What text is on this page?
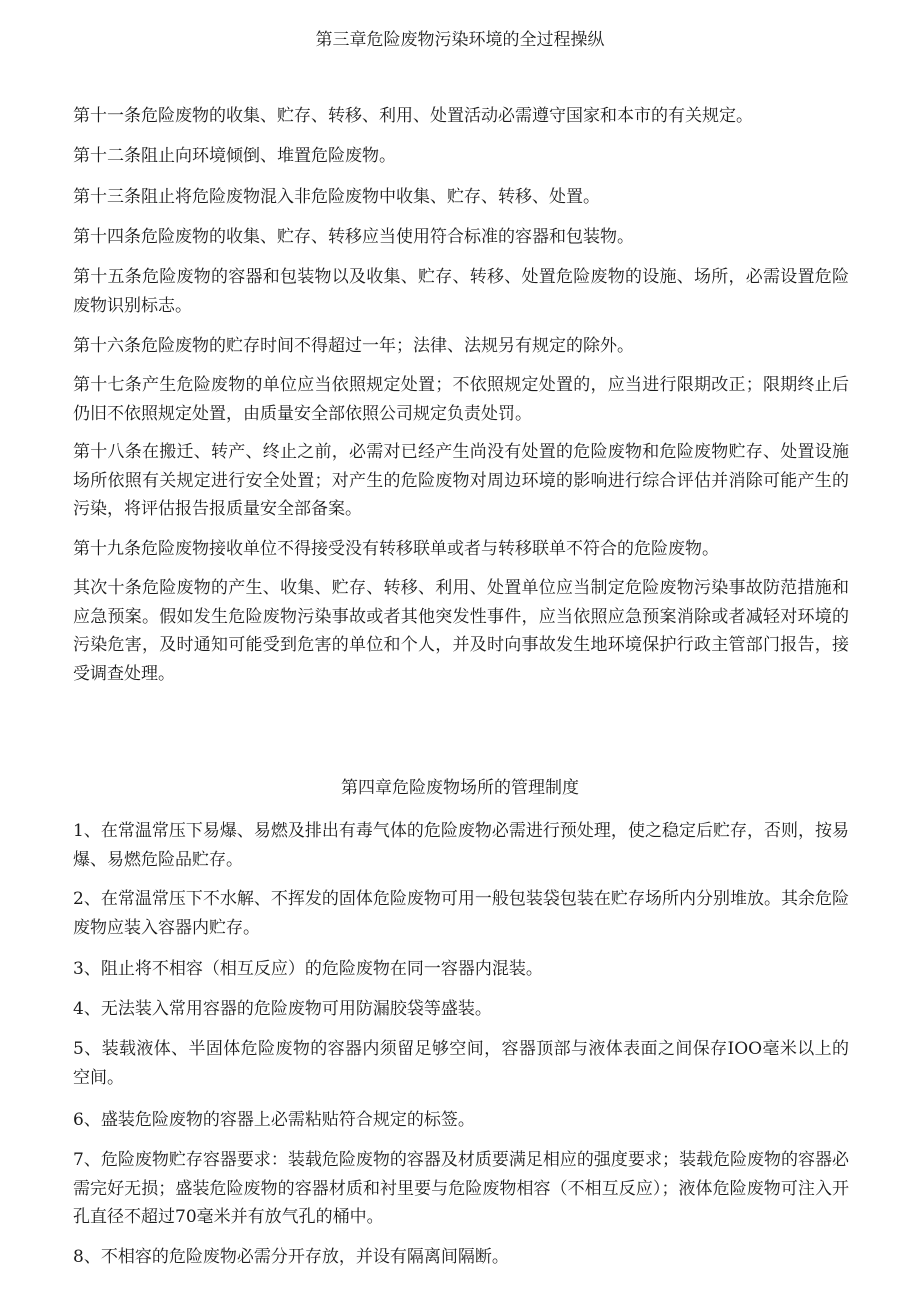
第三章危险废物污染环境的全过程操纵

第十一条危险废物的收集、贮存、转移、利用、处置活动必需遵守国家和本市的有关规定。

第十二条阻止向环境倾倒、堆置危险废物。

第十三条阻止将危险废物混入非危险废物中收集、贮存、转移、处置。

第十四条危险废物的收集、贮存、转移应当使用符合标准的容器和包装物。

第十五条危险废物的容器和包装物以及收集、贮存、转移、处置危险废物的设施、场所，必需设置危险废物识别标志。

第十六条危险废物的贮存时间不得超过一年；法律、法规另有规定的除外。

第十七条产生危险废物的单位应当依照规定处置；不依照规定处置的，应当进行限期改正；限期终止后仍旧不依照规定处置，由质量安全部依照公司规定负责处罚。

第十八条在搬迁、转产、终止之前，必需对已经产生尚没有处置的危险废物和危险废物贮存、处置设施场所依照有关规定进行安全处置；对产生的危险废物对周边环境的影响进行综合评估并消除可能产生的污染，将评估报告报质量安全部备案。

第十九条危险废物接收单位不得接受没有转移联单或者与转移联单不符合的危险废物。

其次十条危险废物的产生、收集、贮存、转移、利用、处置单位应当制定危险废物污染事故防范措施和应急预案。假如发生危险废物污染事故或者其他突发性事件，应当依照应急预案消除或者减轻对环境的污染危害，及时通知可能受到危害的单位和个人，并及时向事故发生地环境保护行政主管部门报告，接受调查处理。

第四章危险废物场所的管理制度

1、在常温常压下易爆、易燃及排出有毒气体的危险废物必需进行预处理，使之稳定后贮存，否则，按易爆、易燃危险品贮存。

2、在常温常压下不水解、不挥发的固体危险废物可用一般包装袋包装在贮存场所内分别堆放。其余危险废物应装入容器内贮存。

3、阻止将不相容（相互反应）的危险废物在同一容器内混装。

4、无法装入常用容器的危险废物可用防漏胶袋等盛装。

5、装载液体、半固体危险废物的容器内须留足够空间，容器顶部与液体表面之间保存IOO毫米以上的空间。

6、盛装危险废物的容器上必需粘贴符合规定的标签。

7、危险废物贮存容器要求：装载危险废物的容器及材质要满足相应的强度要求；装载危险废物的容器必需完好无损；盛装危险废物的容器材质和衬里要与危险废物相容（不相互反应）；液体危险废物可注入开孔直径不超过70毫米并有放气孔的桶中。

8、不相容的危险废物必需分开存放，并设有隔离间隔断。
